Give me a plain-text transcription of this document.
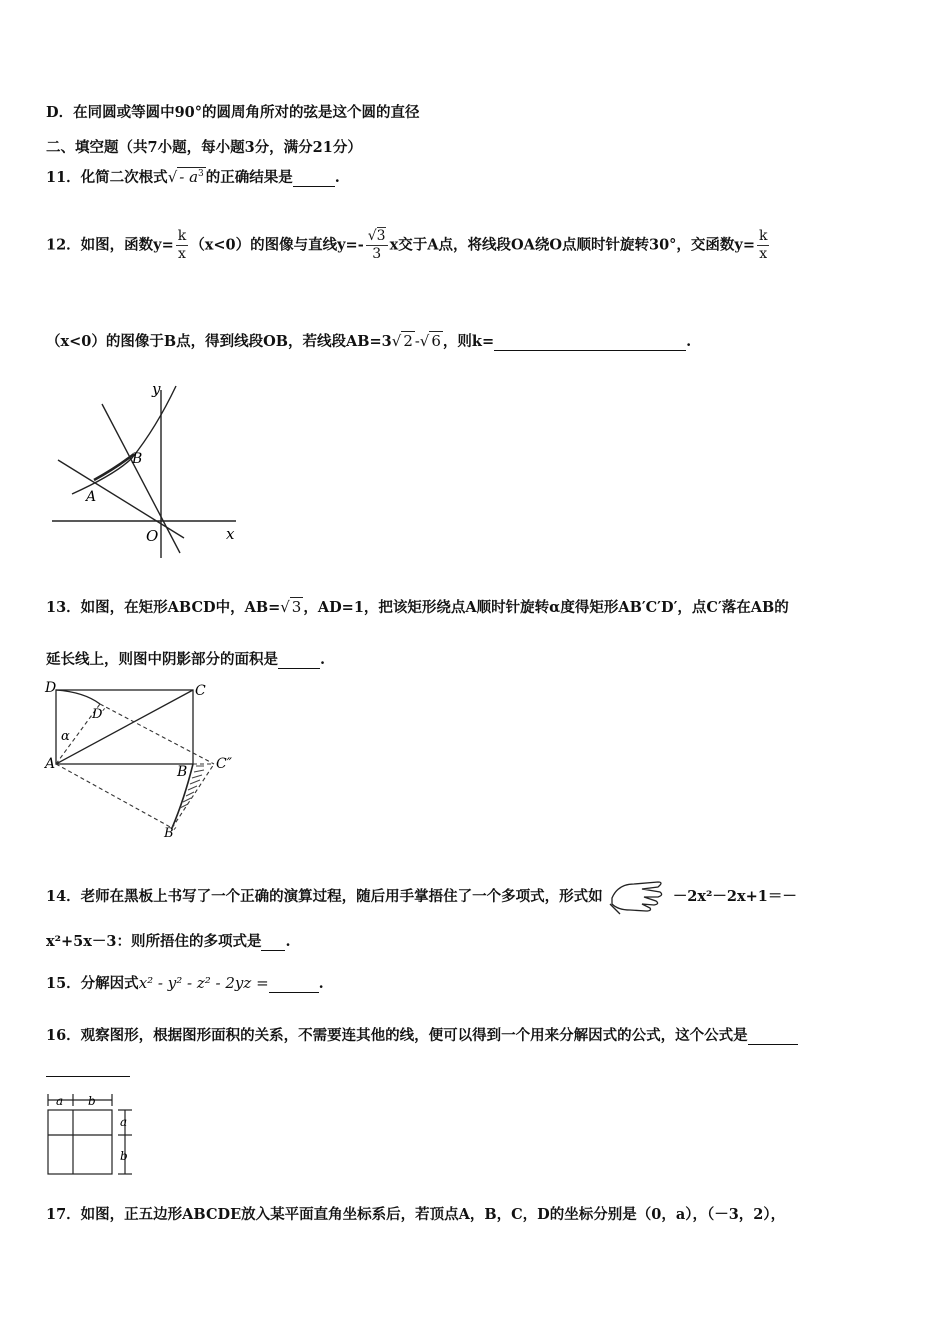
D．在同圆或等圆中90°的圆周角所对的弦是这个圆的直径
二、填空题（共7小题，每小题3分，满分21分）
11．化简二次根式√ - $a^3$ 的正确结果是	.
12．如图，函数$y= \frac{k}{x} (x<0)$的图像与直线$y=- \frac{√3}{3}$ x交于A点，将线段OA绕O点顺时针旋转30°，交函数$y= \frac{k}{x}$
（x<0）的图像于B点，得到线段OB，若线段AB=3√ 2 -√ 6 ，则k=	.
y
x
O
A
B
13．如图，在矩形ABCD中，AB=√ 3 ，AD=1，把该矩形绕点A顺时针旋转α度得矩形AB′C′D′，点C′落在AB的
延长线上，则图中阴影部分的面积是	.
D	C
D′
α
A	B C″
B′
14．老师在黑板上书写了一个正确的演算过程，随后用手掌捂住了一个多项式，形式如	－2x²－2x+1＝－
x²+5x－3：则所捂住的多项式是 .
15．分解因式x² - y² - z² - 2yz =	.
16．观察图形，根据图形面积的关系，不需要连其他的线，便可以得到一个用来分解因式的公式，这个公式是
a b
a
b
17．如图，正五边形ABCDE放入某平面直角坐标系后，若顶点A，B，C，D的坐标分别是（0，a），（－3，2），
